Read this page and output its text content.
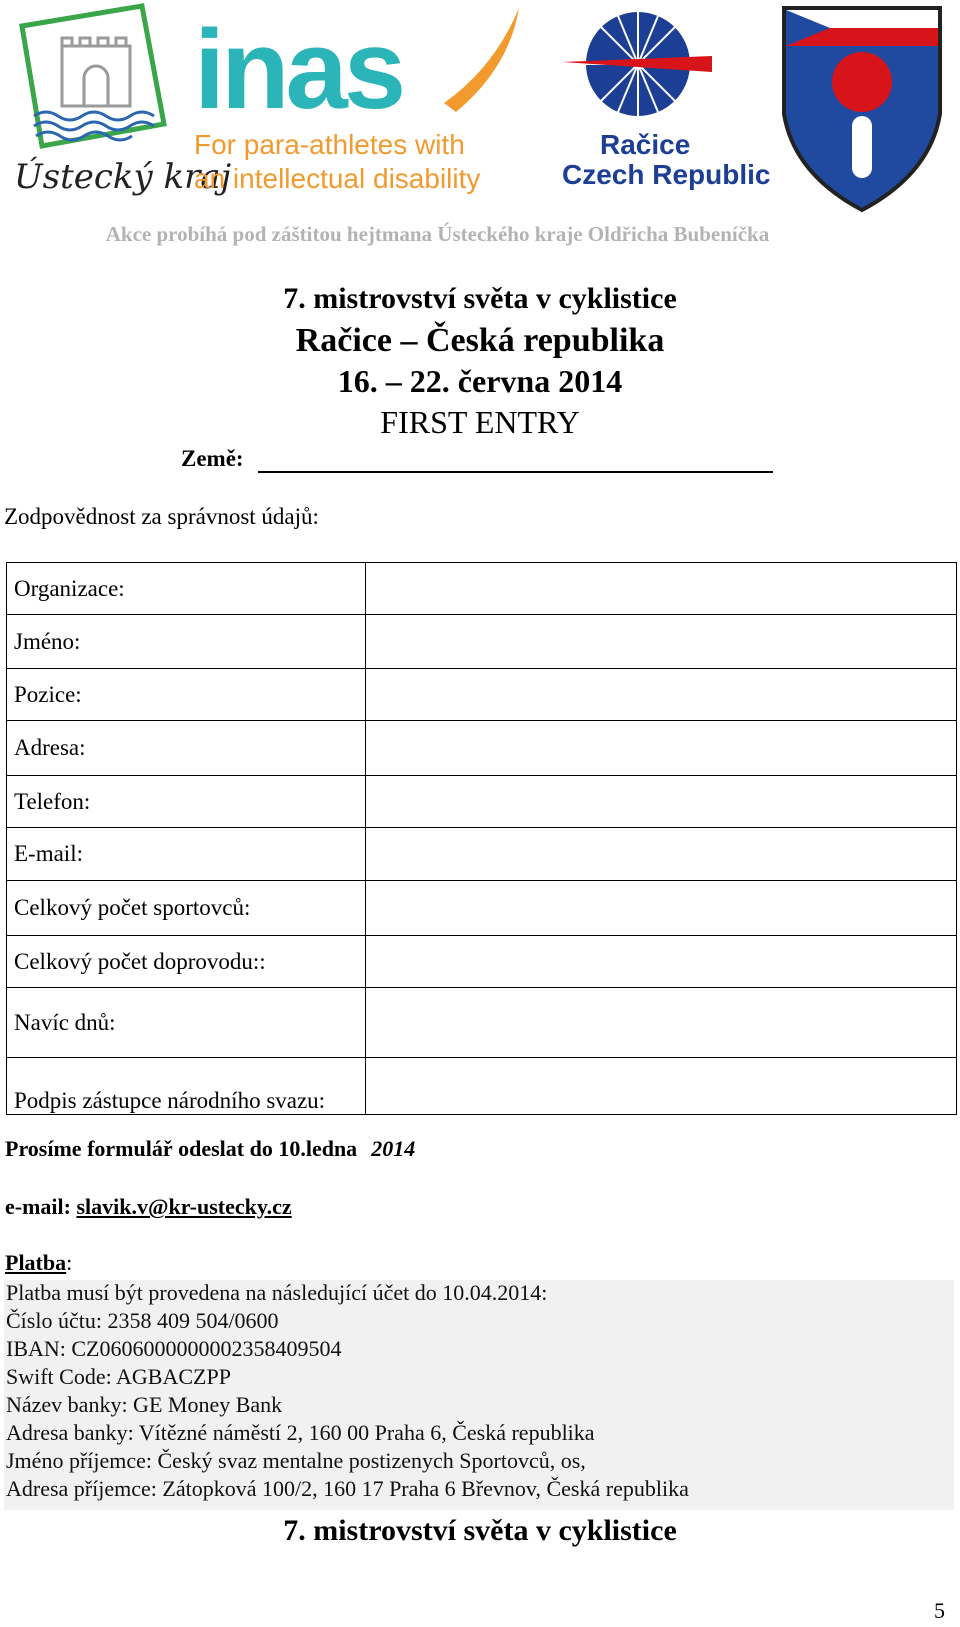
Ústecký kraj
inas
For para-athletes with
an intellectual disability
Račice
Czech Republic
Akce probíhá pod záštitou hejtmana Ústeckého kraje Oldřicha Bubeníčka
7. mistrovství světa v cyklistice
Račice – Česká republika
16. – 22. června 2014
FIRST ENTRY
Země:
Zodpovědnost za správnost údajů:
Organizace:	
Jméno:	
Pozice:	
Adresa:	
Telefon:	
E-mail:	
Celkový počet sportovců:	
Celkový počet doprovodu::	
Navíc dnů:	
Podpis zástupce národního svazu:	
Prosíme formulář odeslat do 10.ledna 2014
e-mail: slavik.v@kr-ustecky.cz
Platba:
Platba musí být provedena na následující účet do 10.04.2014:
Číslo účtu: 2358 409 504/0600
IBAN: CZ0606000000002358409504
Swift Code: AGBACZPP
Název banky: GE Money Bank
Adresa banky: Vítězné náměstí 2, 160 00 Praha 6, Česká republika
Jméno příjemce: Český svaz mentalne postizenych Sportovců, os,
Adresa příjemce: Zátopková 100/2, 160 17 Praha 6 Břevnov, Česká republika
7. mistrovství světa v cyklistice
5
